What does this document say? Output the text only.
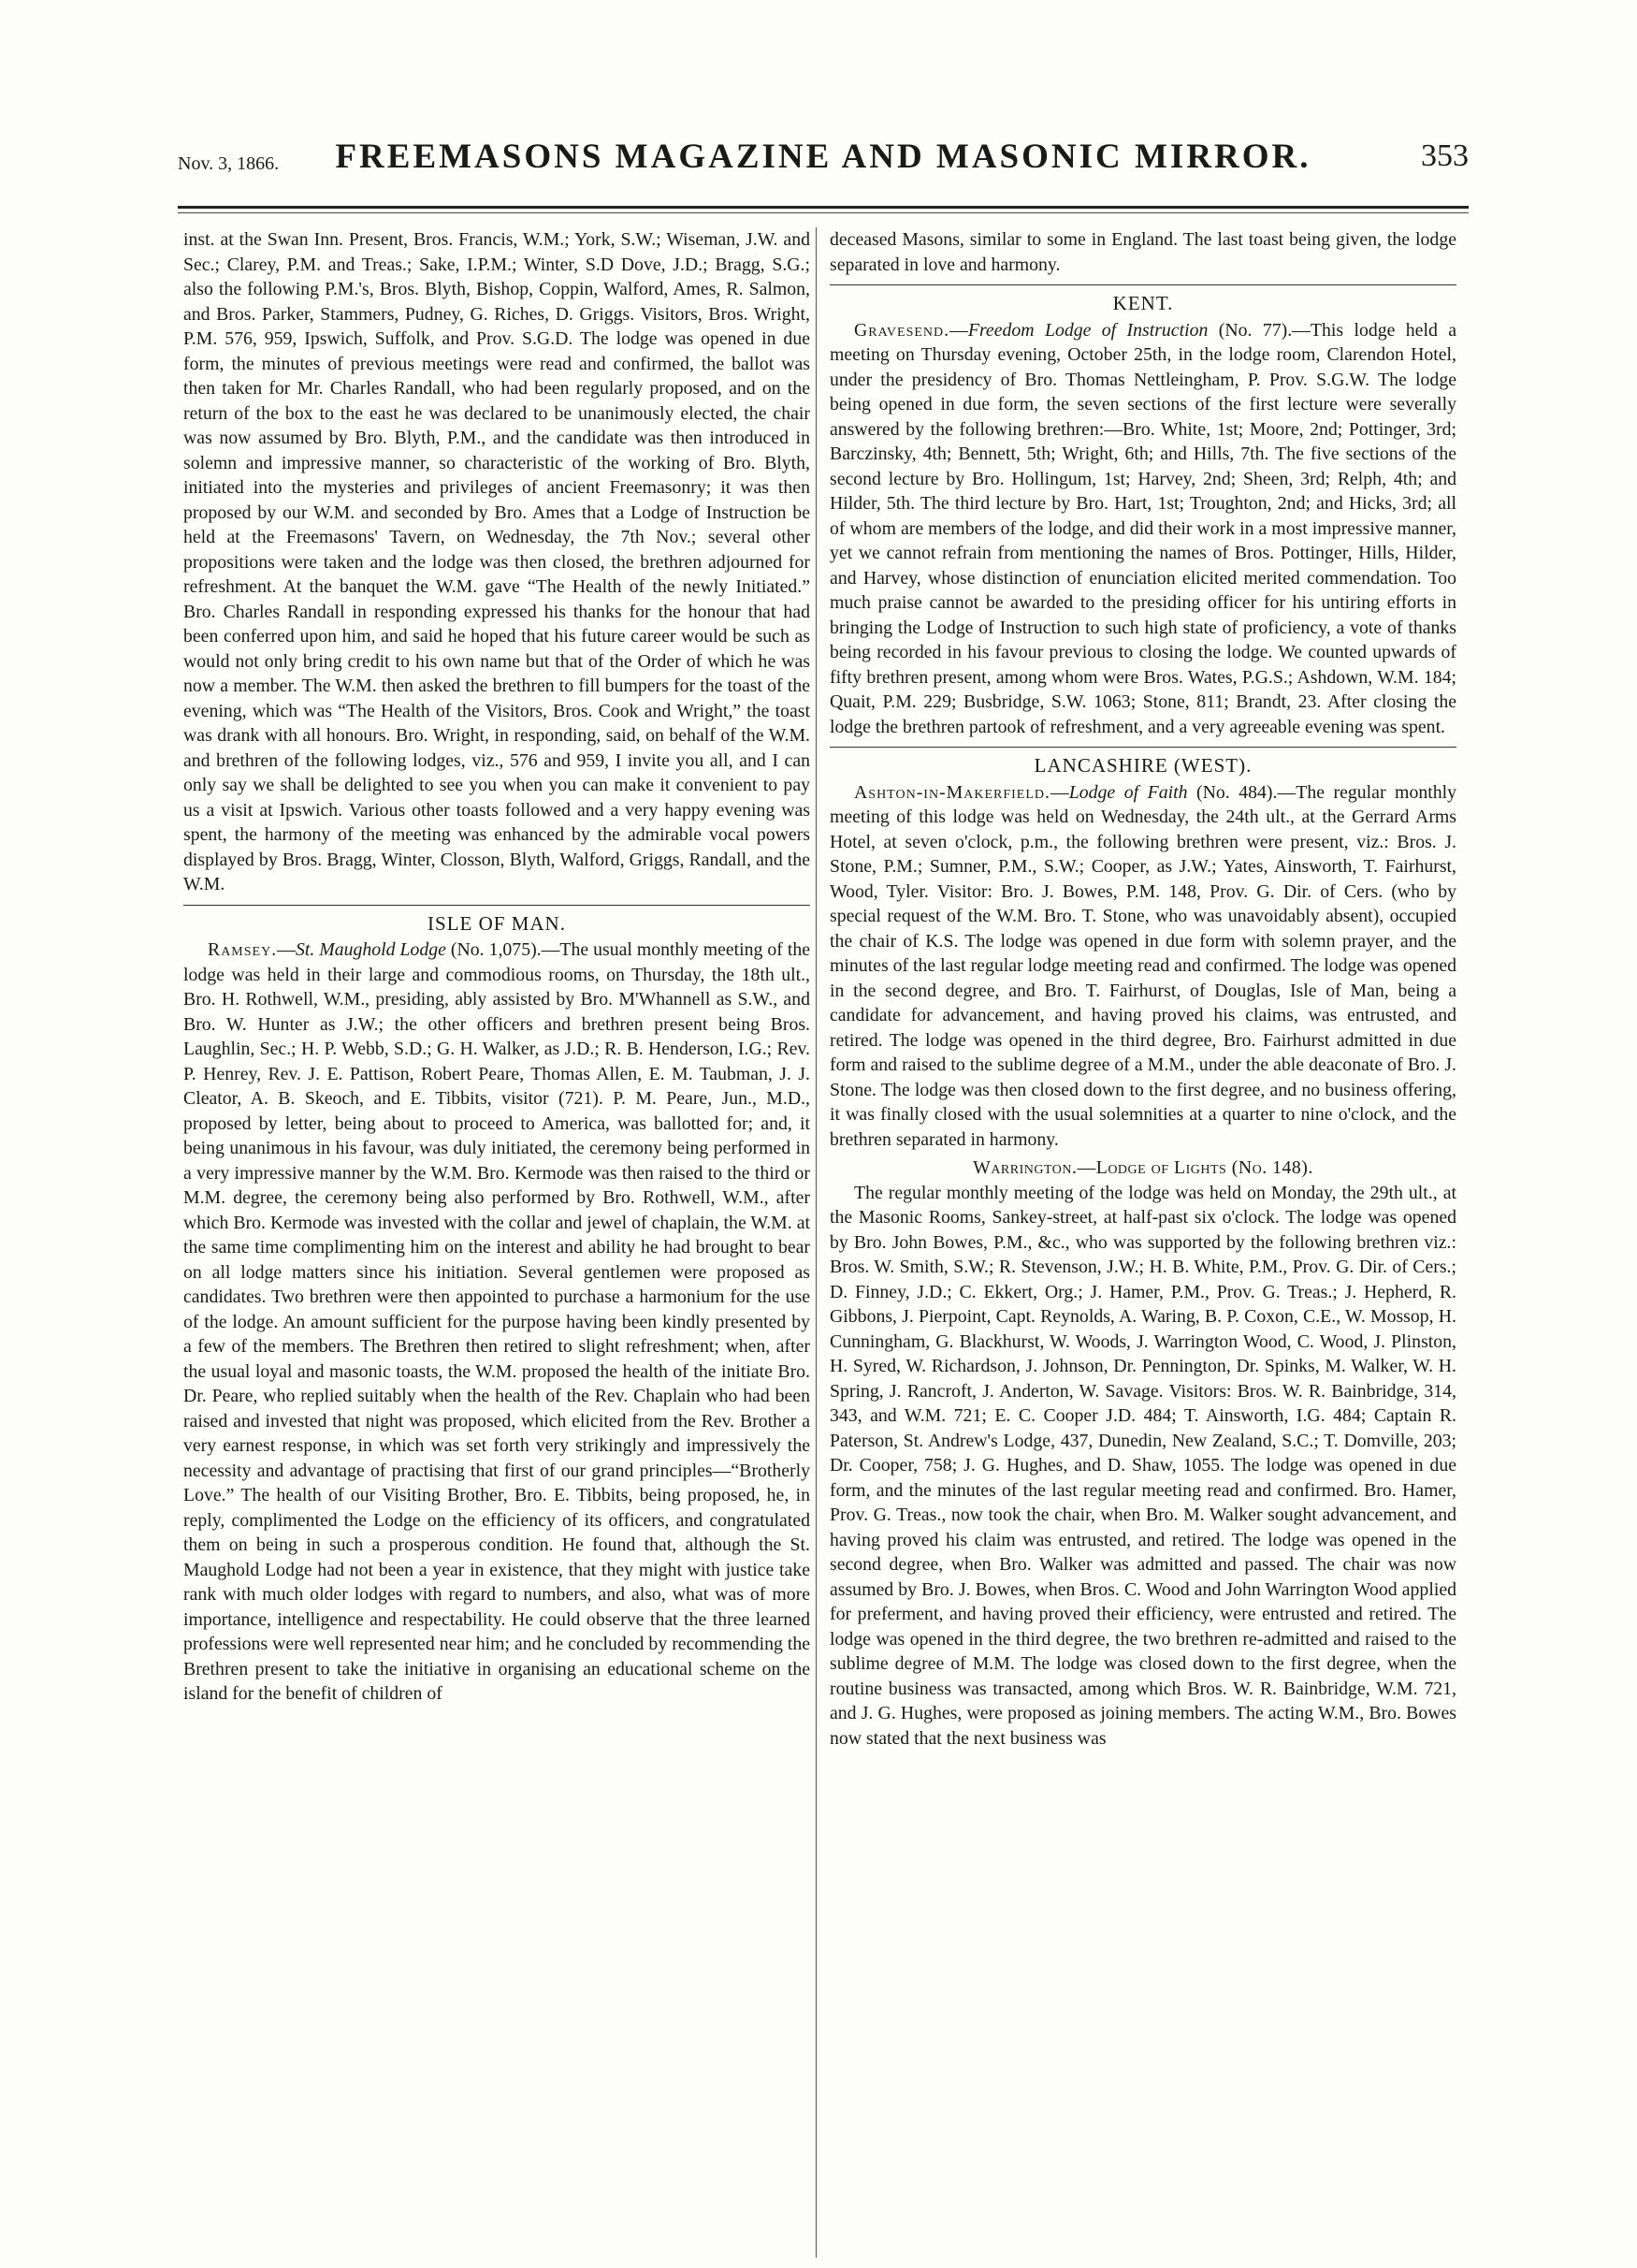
Nov. 3, 1866.	FREEMASONS MAGAZINE AND MASONIC MIRROR.	353

inst. at the Swan Inn. Present, Bros. Francis, W.M.; York, S.W.; Wiseman, J.W. and Sec.; Clarey, P.M. and Treas.; Sake, I.P.M.; Winter, S.D Dove, J.D.; Bragg, S.G.; also the following P.M.'s, Bros. Blyth, Bishop, Coppin, Walford, Ames, R. Salmon, and Bros. Parker, Stammers, Pudney, G. Riches, D. Griggs. Visitors, Bros. Wright, P.M. 576, 959, Ipswich, Suffolk, and Prov. S.G.D. The lodge was opened in due form, the minutes of previous meetings were read and confirmed, the ballot was then taken for Mr. Charles Randall, who had been regularly proposed, and on the return of the box to the east he was declared to be unanimously elected, the chair was now assumed by Bro. Blyth, P.M., and the candidate was then introduced in solemn and impressive manner, so characteristic of the working of Bro. Blyth, initiated into the mysteries and privileges of ancient Freemasonry; it was then proposed by our W.M. and seconded by Bro. Ames that a Lodge of Instruction be held at the Freemasons' Tavern, on Wednesday, the 7th Nov.; several other propositions were taken and the lodge was then closed, the brethren adjourned for refreshment. At the banquet the W.M. gave “The Health of the newly Initiated.” Bro. Charles Randall in responding expressed his thanks for the honour that had been conferred upon him, and said he hoped that his future career would be such as would not only bring credit to his own name but that of the Order of which he was now a member. The W.M. then asked the brethren to fill bumpers for the toast of the evening, which was “The Health of the Visitors, Bros. Cook and Wright,” the toast was drank with all honours. Bro. Wright, in responding, said, on behalf of the W.M. and brethren of the following lodges, viz., 576 and 959, I invite you all, and I can only say we shall be delighted to see you when you can make it convenient to pay us a visit at Ipswich. Various other toasts followed and a very happy evening was spent, the harmony of the meeting was enhanced by the admirable vocal powers displayed by Bros. Bragg, Winter, Closson, Blyth, Walford, Griggs, Randall, and the W.M.

ISLE OF MAN.

Ramsey.—St. Maughold Lodge (No. 1,075).—The usual monthly meeting of the lodge was held in their large and commodious rooms, on Thursday, the 18th ult., Bro. H. Rothwell, W.M., presiding, ably assisted by Bro. M'Whannell as S.W., and Bro. W. Hunter as J.W.; the other officers and brethren present being Bros. Laughlin, Sec.; H. P. Webb, S.D.; G. H. Walker, as J.D.; R. B. Henderson, I.G.; Rev. P. Henrey, Rev. J. E. Pattison, Robert Peare, Thomas Allen, E. M. Taubman, J. J. Cleator, A. B. Skeoch, and E. Tibbits, visitor (721). P. M. Peare, Jun., M.D., proposed by letter, being about to proceed to America, was ballotted for; and, it being unanimous in his favour, was duly initiated, the ceremony being performed in a very impressive manner by the W.M. Bro. Kermode was then raised to the third or M.M. degree, the ceremony being also performed by Bro. Rothwell, W.M., after which Bro. Kermode was invested with the collar and jewel of chaplain, the W.M. at the same time complimenting him on the interest and ability he had brought to bear on all lodge matters since his initiation. Several gentlemen were proposed as candidates. Two brethren were then appointed to purchase a harmonium for the use of the lodge. An amount sufficient for the purpose having been kindly presented by a few of the members. The Brethren then retired to slight refreshment; when, after the usual loyal and masonic toasts, the W.M. proposed the health of the initiate Bro. Dr. Peare, who replied suitably when the health of the Rev. Chaplain who had been raised and invested that night was proposed, which elicited from the Rev. Brother a very earnest response, in which was set forth very strikingly and impressively the necessity and advantage of practising that first of our grand principles—“Brotherly Love.” The health of our Visiting Brother, Bro. E. Tibbits, being proposed, he, in reply, complimented the Lodge on the efficiency of its officers, and congratulated them on being in such a prosperous condition. He found that, although the St. Maughold Lodge had not been a year in existence, that they might with justice take rank with much older lodges with regard to numbers, and also, what was of more importance, intelligence and respectability. He could observe that the three learned professions were well represented near him; and he concluded by recommending the Brethren present to take the initiative in organising an educational scheme on the island for the benefit of children of

deceased Masons, similar to some in England. The last toast being given, the lodge separated in love and harmony.

KENT.

Gravesend.—Freedom Lodge of Instruction (No. 77).—This lodge held a meeting on Thursday evening, October 25th, in the lodge room, Clarendon Hotel, under the presidency of Bro. Thomas Nettleingham, P. Prov. S.G.W. The lodge being opened in due form, the seven sections of the first lecture were severally answered by the following brethren:—Bro. White, 1st; Moore, 2nd; Pottinger, 3rd; Barczinsky, 4th; Bennett, 5th; Wright, 6th; and Hills, 7th. The five sections of the second lecture by Bro. Hollingum, 1st; Harvey, 2nd; Sheen, 3rd; Relph, 4th; and Hilder, 5th. The third lecture by Bro. Hart, 1st; Troughton, 2nd; and Hicks, 3rd; all of whom are members of the lodge, and did their work in a most impressive manner, yet we cannot refrain from mentioning the names of Bros. Pottinger, Hills, Hilder, and Harvey, whose distinction of enunciation elicited merited commendation. Too much praise cannot be awarded to the presiding officer for his untiring efforts in bringing the Lodge of Instruction to such high state of proficiency, a vote of thanks being recorded in his favour previous to closing the lodge. We counted upwards of fifty brethren present, among whom were Bros. Wates, P.G.S.; Ashdown, W.M. 184; Quait, P.M. 229; Busbridge, S.W. 1063; Stone, 811; Brandt, 23. After closing the lodge the brethren partook of refreshment, and a very agreeable evening was spent.

LANCASHIRE (WEST).

Ashton-in-Makerfield.—Lodge of Faith (No. 484).—The regular monthly meeting of this lodge was held on Wednesday, the 24th ult., at the Gerrard Arms Hotel, at seven o'clock, p.m., the following brethren were present, viz.: Bros. J. Stone, P.M.; Sumner, P.M., S.W.; Cooper, as J.W.; Yates, Ainsworth, T. Fairhurst, Wood, Tyler. Visitor: Bro. J. Bowes, P.M. 148, Prov. G. Dir. of Cers. (who by special request of the W.M. Bro. T. Stone, who was unavoidably absent), occupied the chair of K.S. The lodge was opened in due form with solemn prayer, and the minutes of the last regular lodge meeting read and confirmed. The lodge was opened in the second degree, and Bro. T. Fairhurst, of Douglas, Isle of Man, being a candidate for advancement, and having proved his claims, was entrusted, and retired. The lodge was opened in the third degree, Bro. Fairhurst admitted in due form and raised to the sublime degree of a M.M., under the able deaconate of Bro. J. Stone. The lodge was then closed down to the first degree, and no business offering, it was finally closed with the usual solemnities at a quarter to nine o'clock, and the brethren separated in harmony.

Warrington.—Lodge of Lights (No. 148).

The regular monthly meeting of the lodge was held on Monday, the 29th ult., at the Masonic Rooms, Sankey-street, at half-past six o'clock. The lodge was opened by Bro. John Bowes, P.M., &c., who was supported by the following brethren viz.: Bros. W. Smith, S.W.; R. Stevenson, J.W.; H. B. White, P.M., Prov. G. Dir. of Cers.; D. Finney, J.D.; C. Ekkert, Org.; J. Hamer, P.M., Prov. G. Treas.; J. Hepherd, R. Gibbons, J. Pierpoint, Capt. Reynolds, A. Waring, B. P. Coxon, C.E., W. Mossop, H. Cunningham, G. Blackhurst, W. Woods, J. Warrington Wood, C. Wood, J. Plinston, H. Syred, W. Richardson, J. Johnson, Dr. Pennington, Dr. Spinks, M. Walker, W. H. Spring, J. Rancroft, J. Anderton, W. Savage. Visitors: Bros. W. R. Bainbridge, 314, 343, and W.M. 721; E. C. Cooper J.D. 484; T. Ainsworth, I.G. 484; Captain R. Paterson, St. Andrew's Lodge, 437, Dunedin, New Zealand, S.C.; T. Domville, 203; Dr. Cooper, 758; J. G. Hughes, and D. Shaw, 1055. The lodge was opened in due form, and the minutes of the last regular meeting read and confirmed. Bro. Hamer, Prov. G. Treas., now took the chair, when Bro. M. Walker sought advancement, and having proved his claim was entrusted, and retired. The lodge was opened in the second degree, when Bro. Walker was admitted and passed. The chair was now assumed by Bro. J. Bowes, when Bros. C. Wood and John Warrington Wood applied for preferment, and having proved their efficiency, were entrusted and retired. The lodge was opened in the third degree, the two brethren re-admitted and raised to the sublime degree of M.M. The lodge was closed down to the first degree, when the routine business was transacted, among which Bros. W. R. Bainbridge, W.M. 721, and J. G. Hughes, were proposed as joining members. The acting W.M., Bro. Bowes now stated that the next business was
